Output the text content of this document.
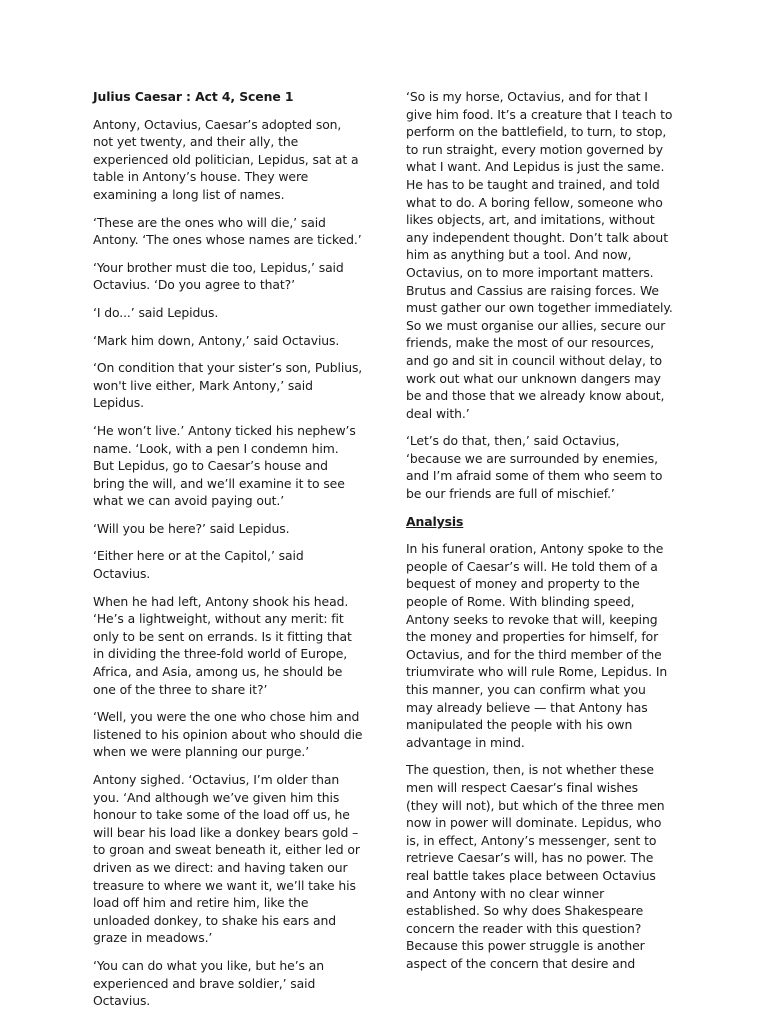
Julius Caesar : Act 4, Scene 1

Antony, Octavius, Caesar’s adopted son, not yet twenty, and their ally, the experienced old politician, Lepidus, sat at a table in Antony’s house. They were examining a long list of names.

‘These are the ones who will die,’ said Antony. ‘The ones whose names are ticked.’

‘Your brother must die too, Lepidus,’ said Octavius. ‘Do you agree to that?’

‘I do...’ said Lepidus.

‘Mark him down, Antony,’ said Octavius.

‘On condition that your sister’s son, Publius, won't live either, Mark Antony,’ said Lepidus.

‘He won’t live.’ Antony ticked his nephew’s name. ‘Look, with a pen I condemn him. But Lepidus, go to Caesar’s house and bring the will, and we’ll examine it to see what we can avoid paying out.’

‘Will you be here?’ said Lepidus.

‘Either here or at the Capitol,’ said Octavius.

When he had left, Antony shook his head. ‘He’s a lightweight, without any merit: fit only to be sent on errands. Is it fitting that in dividing the three-fold world of Europe, Africa, and Asia, among us, he should be one of the three to share it?’

‘Well, you were the one who chose him and listened to his opinion about who should die when we were planning our purge.’

Antony sighed. ‘Octavius, I’m older than you. ‘And although we’ve given him this honour to take some of the load off us, he will bear his load like a donkey bears gold – to groan and sweat beneath it, either led or driven as we direct: and having taken our treasure to where we want it, we’ll take his load off him and retire him, like the unloaded donkey, to shake his ears and graze in meadows.’

‘You can do what you like, but he’s an experienced and brave soldier,’ said Octavius.

‘So is my horse, Octavius, and for that I give him food. It’s a creature that I teach to perform on the battlefield, to turn, to stop, to run straight, every motion governed by what I want. And Lepidus is just the same. He has to be taught and trained, and told what to do. A boring fellow, someone who likes objects, art, and imitations, without any independent thought. Don’t talk about him as anything but a tool. And now, Octavius, on to more important matters. Brutus and Cassius are raising forces. We must gather our own together immediately. So we must organise our allies, secure our friends, make the most of our resources, and go and sit in council without delay, to work out what our unknown dangers may be and those that we already know about, deal with.’

‘Let’s do that, then,’ said Octavius, ‘because we are surrounded by enemies, and I’m afraid some of them who seem to be our friends are full of mischief.’

Analysis

In his funeral oration, Antony spoke to the people of Caesar’s will. He told them of a bequest of money and property to the people of Rome. With blinding speed, Antony seeks to revoke that will, keeping the money and properties for himself, for Octavius, and for the third member of the triumvirate who will rule Rome, Lepidus. In this manner, you can confirm what you may already believe — that Antony has manipulated the people with his own advantage in mind.

The question, then, is not whether these men will respect Caesar’s final wishes (they will not), but which of the three men now in power will dominate. Lepidus, who is, in effect, Antony’s messenger, sent to retrieve Caesar’s will, has no power. The real battle takes place between Octavius and Antony with no clear winner established. So why does Shakespeare concern the reader with this question? Because this power struggle is another aspect of the concern that desire and
